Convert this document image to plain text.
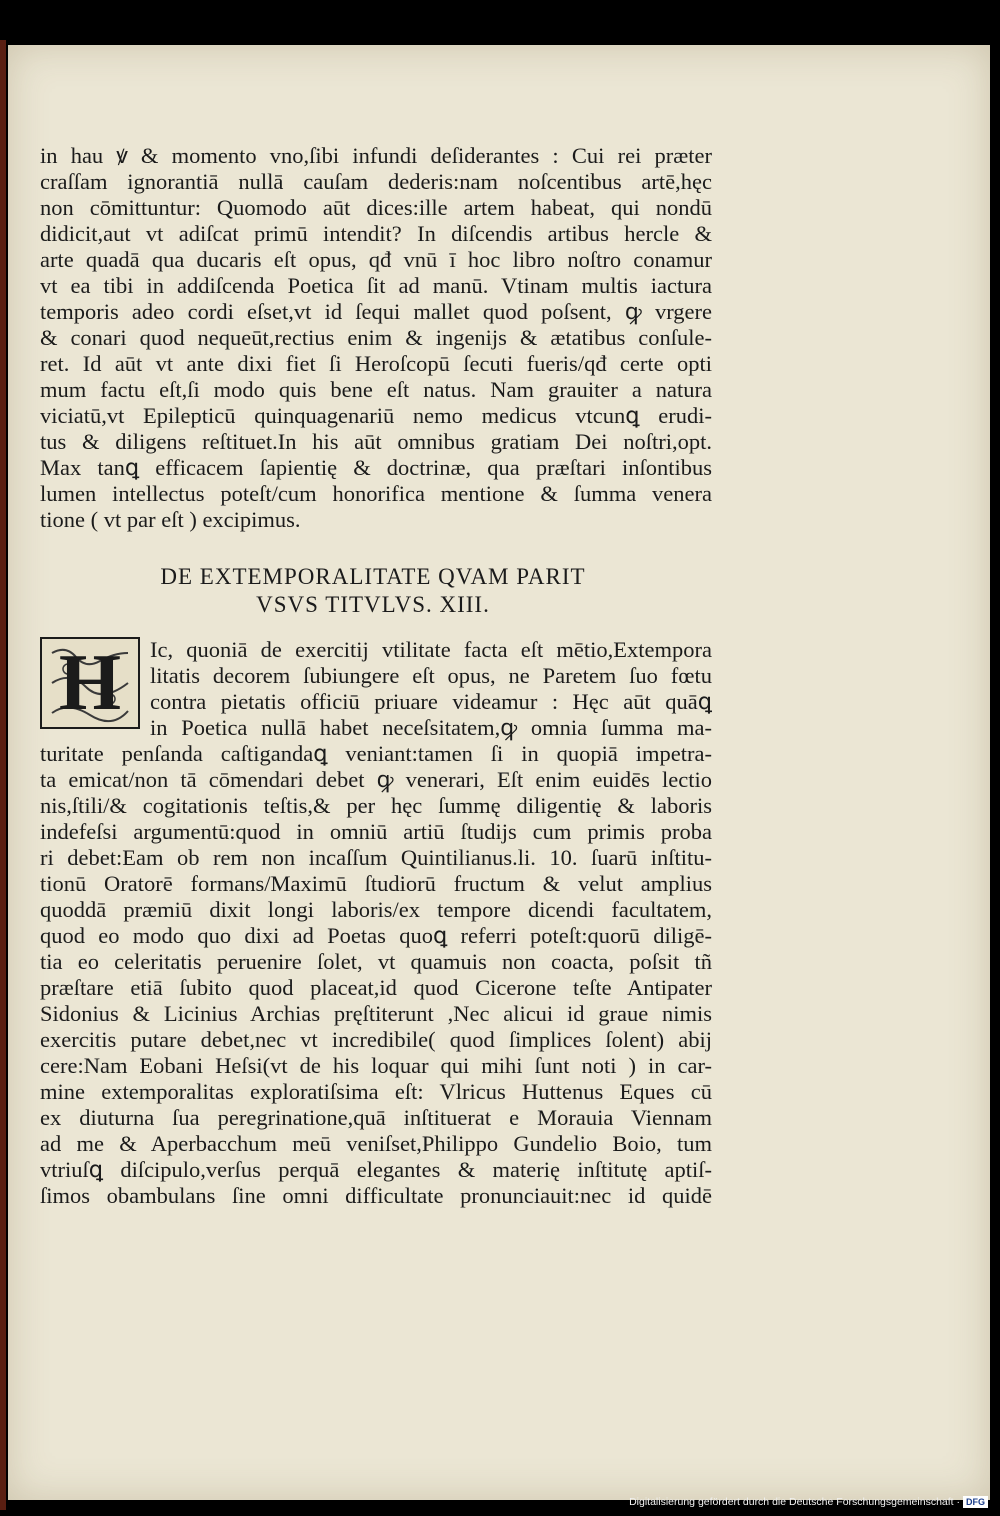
in hau ꝟ & momento vno,ſibi infundi deſiderantes : Cui rei præter
craſſam ignorantiā nullā cauſam dederis:nam noſcentibus artē,hęc
non cōmittuntur: Quomodo aūt dices:ille artem habeat, qui nondū
didicit,aut vt adiſcat primū intendit? In diſcendis artibus hercle &
arte quadā qua ducaris eſt opus, qđ vnū ī hoc libro noſtro conamur
vt ea tibi in addiſcenda Poetica ſit ad manū. Vtinam multis iactura
temporis adeo cordi eſset,vt id ſequi mallet quod poſsent, ꝙ vrgere
& conari quod nequeūt,rectius enim & ingenijs & ætatibus conſule-
ret. Id aūt vt ante dixi fiet ſi Heroſcopū ſecuti fueris/qđ certe opti
mum factu eſt,ſi modo quis bene eſt natus. Nam grauiter a natura
viciatū,vt Epilepticū quinquagenariū nemo medicus vtcunꝗ erudi-
tus & diligens reſtituet.In his aūt omnibus gratiam Dei noſtri,opt.
Max tanꝗ efficacem ſapientię & doctrinæ, qua præſtari inſontibus
lumen intellectus poteſt/cum honorifica mentione & ſumma venera
tione ( vt par eſt ) excipimus.
DE EXTEMPORALITATE QVAM PARIT
VSVS TITVLVS. XIII.
H	Ic, quoniā de exercitij vtilitate facta eſt mētio,Extempora
litatis decorem ſubiungere eſt opus, ne Paretem ſuo fœtu
contra pietatis officiū priuare videamur : Hęc aūt quāꝗ
in Poetica nullā habet neceſsitatem,ꝙ omnia ſumma ma-
turitate penſanda caſtigandaꝗ veniant:tamen ſi in quopiā impetra-
ta emicat/non tā cōmendari debet ꝙ venerari, Eſt enim euidēs lectio
nis,ſtili/& cogitationis teſtis,& per hęc ſummę diligentię & laboris
indefeſsi argumentū:quod in omniū artiū ſtudijs cum primis proba
ri debet:Eam ob rem non incaſſum Quintilianus.li. 10. ſuarū inſtitu-
tionū Oratorē formans/Maximū ſtudiorū fructum & velut amplius
quoddā præmiū dixit longi laboris/ex tempore dicendi facultatem,
quod eo modo quo dixi ad Poetas quoꝗ referri poteſt:quorū diligē-
tia eo celeritatis peruenire ſolet, vt quamuis non coacta, poſsit tñ
præſtare etiā ſubito quod placeat,id quod Cicerone teſte Antipater
Sidonius & Licinius Archias pręſtiterunt ,Nec alicui id graue nimis
exercitis putare debet,nec vt incredibile( quod ſimplices ſolent) abij
cere:Nam Eobani Heſsi(vt de his loquar qui mihi ſunt noti ) in car-
mine extemporalitas exploratiſsima eſt: Vlricus Huttenus Eques cū
ex diuturna ſua peregrinatione,quā inſtituerat e Morauia Viennam
ad me & Aperbacchum meū veniſset,Philippo Gundelio Boio, tum
vtriuſꝗ diſcipulo,verſus perquā elegantes & materię inſtitutę aptiſ-
ſimos obambulans ſine omni difficultate pronunciauit:nec id quidē
Digitalisierung gefördert durch die Deutsche Forschungsgemeinschaft · DFG
